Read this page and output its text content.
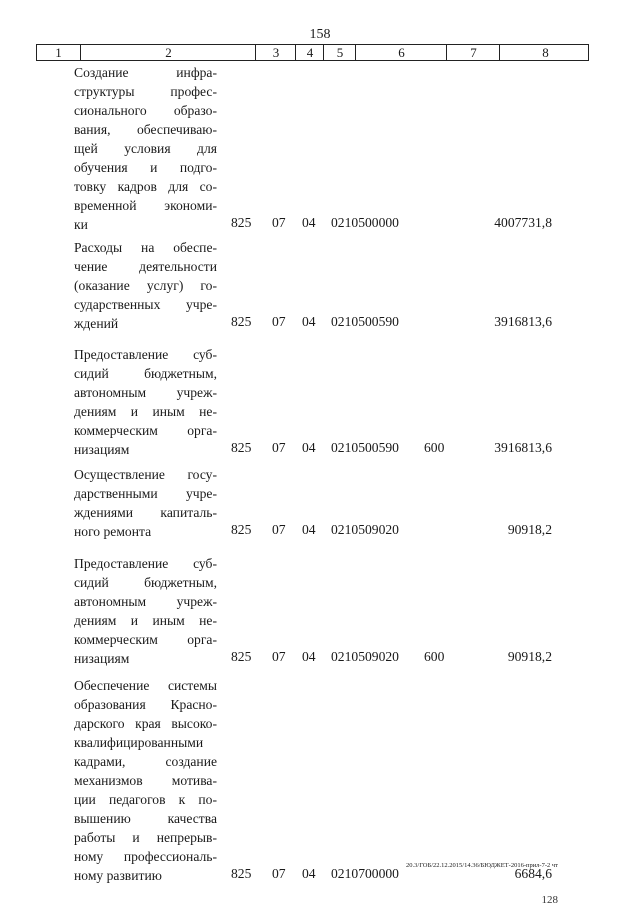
158
1	2	3	4	5	6	7	8
Создание инфра-
структуры профес-
сионального образо-
вания, обеспечиваю-
щей условия для
обучения и подго-
товку кадров для со-
временной экономи-
ки	825 07 04 0210500000	4007731,8
Расходы на обеспе-
чение деятельности
(оказание услуг) го-
сударственных учре-
ждений	825 07 04 0210500590	3916813,6
Предоставление суб-
сидий бюджетным,
автономным учреж-
дениям и иным не-
коммерческим орга-
низациям	825 07 04 0210500590 600	3916813,6
Осуществление госу-
дарственными учре-
ждениями капиталь-
ного ремонта	825 07 04 0210509020	90918,2
Предоставление суб-
сидий бюджетным,
автономным учреж-
дениям и иным не-
коммерческим орга-
низациям	825 07 04 0210509020 600	90918,2
Обеспечение системы
образования Красно-
дарского края высоко-
квалифицированными
кадрами, создание
механизмов мотива-
ции педагогов к по-
вышению качества
работы и непрерыв-
ному профессиональ-
ному развитию	825 07 04 0210700000	6684,6
20.3/ГОБ/22.12.2015/14.36/БЮДЖЕТ-2016-прил-7-2 чт
128
